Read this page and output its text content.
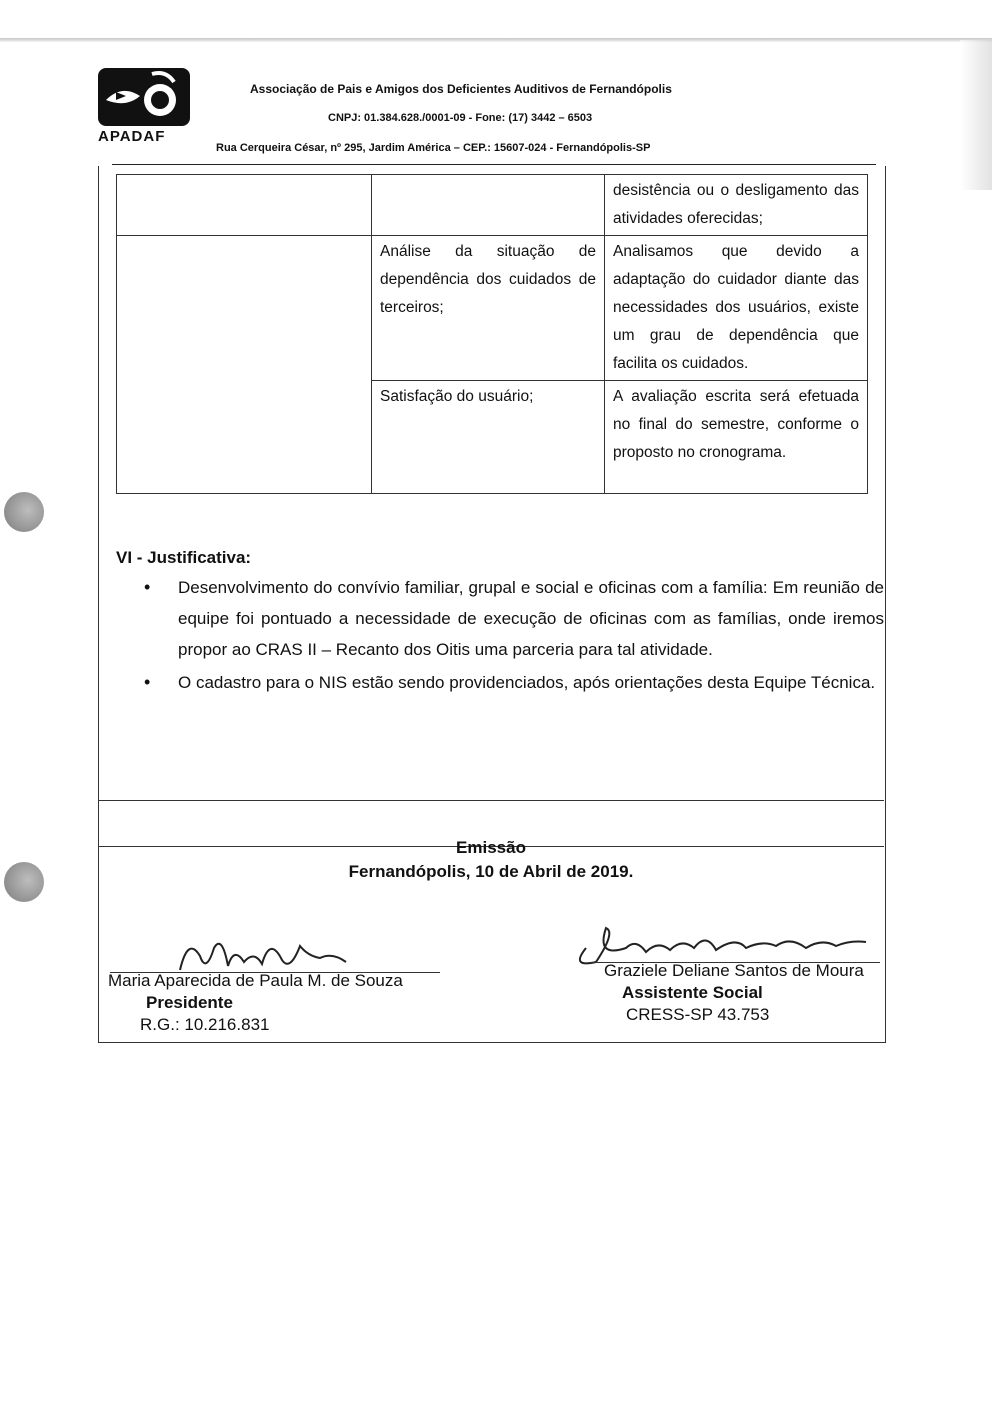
APADAF
Associação de Pais e Amigos dos Deficientes Auditivos de Fernandópolis
CNPJ: 01.384.628./0001-09 - Fone: (17) 3442 – 6503
Rua Cerqueira César, nº 295, Jardim América – CEP.: 15607-024 - Fernandópolis-SP
		desistência ou o desligamento das atividades oferecidas;
	Análise da situação de dependência dos cuidados de terceiros;	Analisamos que devido a adaptação do cuidador diante das necessidades dos usuários, existe um grau de dependência que facilita os cuidados.
	Satisfação do usuário;	A avaliação escrita será efetuada no final do semestre, conforme o proposto no cronograma.
VI - Justificativa:
• Desenvolvimento do convívio familiar, grupal e social e oficinas com a família: Em reunião de equipe foi pontuado a necessidade de execução de oficinas com as famílias, onde iremos propor ao CRAS II – Recanto dos Oitis uma parceria para tal atividade.
• O cadastro para o NIS estão sendo providenciados, após orientações desta Equipe Técnica.
Emissão
Fernandópolis, 10 de Abril de 2019.
Maria Aparecida de Paula M. de Souza
Presidente
R.G.: 10.216.831
Graziele Deliane Santos de Moura
Assistente Social
CRESS-SP 43.753
